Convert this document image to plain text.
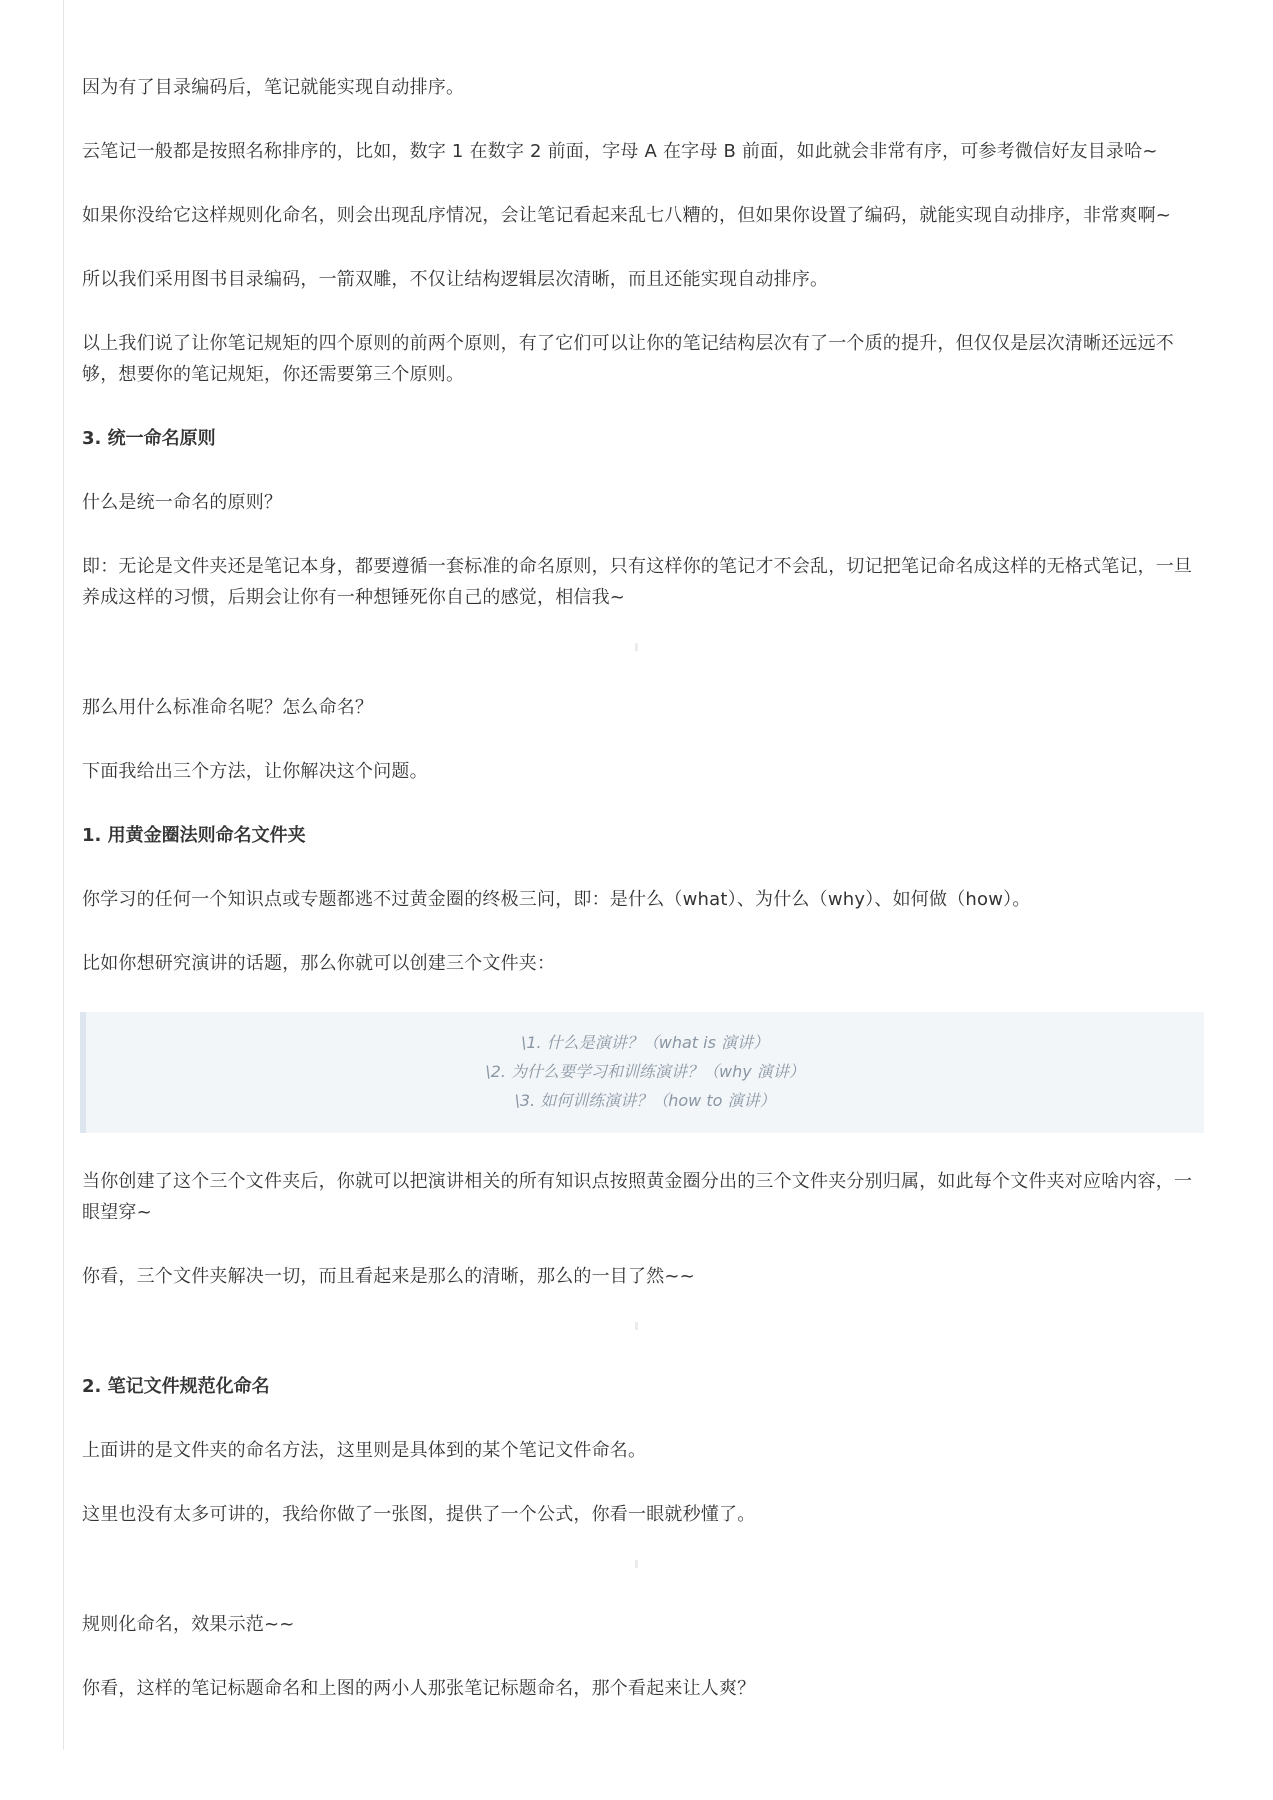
因为有了目录编码后，笔记就能实现自动排序。

云笔记一般都是按照名称排序的，比如，数字 1 在数字 2 前面，字母 A 在字母 B 前面，如此就会非常有序，可参考微信好友目录哈~

如果你没给它这样规则化命名，则会出现乱序情况，会让笔记看起来乱七八糟的，但如果你设置了编码，就能实现自动排序，非常爽啊~

所以我们采用图书目录编码，一箭双雕，不仅让结构逻辑层次清晰，而且还能实现自动排序。

以上我们说了让你笔记规矩的四个原则的前两个原则，有了它们可以让你的笔记结构层次有了一个质的提升，但仅仅是层次清晰还远远不够，想要你的笔记规矩，你还需要第三个原则。

3. 统一命名原则

什么是统一命名的原则？

即：无论是文件夹还是笔记本身，都要遵循一套标准的命名原则，只有这样你的笔记才不会乱，切记把笔记命名成这样的无格式笔记，一旦养成这样的习惯，后期会让你有一种想锤死你自己的感觉，相信我~

那么用什么标准命名呢？怎么命名？

下面我给出三个方法，让你解决这个问题。

1. 用黄金圈法则命名文件夹

你学习的任何一个知识点或专题都逃不过黄金圈的终极三问，即：是什么（what）、为什么（why）、如何做（how）。

比如你想研究演讲的话题，那么你就可以创建三个文件夹：

\1. 什么是演讲？（what is 演讲）
\2. 为什么要学习和训练演讲？（why 演讲）
\3. 如何训练演讲？（how to 演讲）

当你创建了这个三个文件夹后，你就可以把演讲相关的所有知识点按照黄金圈分出的三个文件夹分别归属，如此每个文件夹对应啥内容，一眼望穿~

你看，三个文件夹解决一切，而且看起来是那么的清晰，那么的一目了然~~

2. 笔记文件规范化命名

上面讲的是文件夹的命名方法，这里则是具体到的某个笔记文件命名。

这里也没有太多可讲的，我给你做了一张图，提供了一个公式，你看一眼就秒懂了。

规则化命名，效果示范~~

你看，这样的笔记标题命名和上图的两小人那张笔记标题命名，那个看起来让人爽？
